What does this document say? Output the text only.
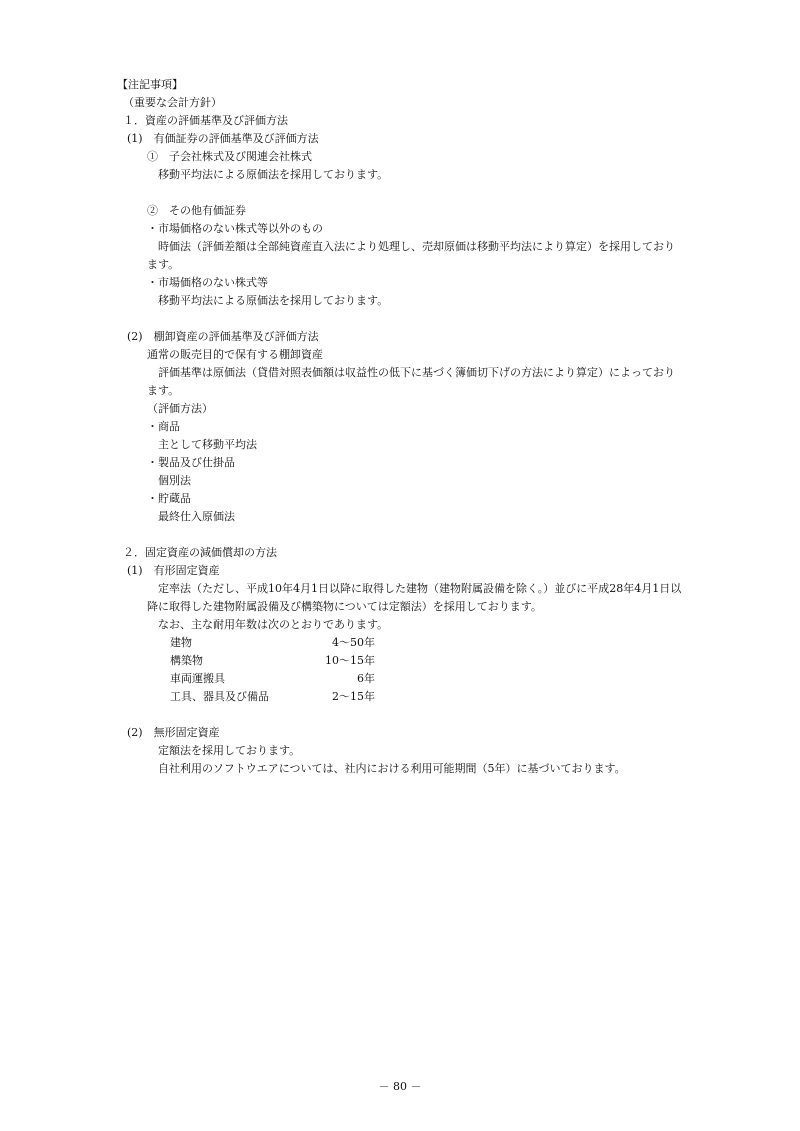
【注記事項】

（重要な会計方針）

１．資産の評価基準及び評価方法

(1)　有価証券の評価基準及び評価方法

①　子会社株式及び関連会社株式

移動平均法による原価法を採用しております。

②　その他有価証券

・市場価格のない株式等以外のもの

時価法（評価差額は全部純資産直入法により処理し、売却原価は移動平均法により算定）を採用しており

ます。

・市場価格のない株式等

移動平均法による原価法を採用しております。

(2)　棚卸資産の評価基準及び評価方法

通常の販売目的で保有する棚卸資産

評価基準は原価法（貸借対照表価額は収益性の低下に基づく簿価切下げの方法により算定）によっており

ます。

（評価方法）

・商品

主として移動平均法

・製品及び仕掛品

個別法

・貯蔵品

最終仕入原価法

２．固定資産の減価償却の方法

(1)　有形固定資産

定率法（ただし、平成10年4月1日以降に取得した建物（建物附属設備を除く。）並びに平成28年4月1日以

降に取得した建物附属設備及び構築物については定額法）を採用しております。

なお、主な耐用年数は次のとおりであります。

建物	4～50年
構築物	10～15年
車両運搬具	6年
工具、器具及び備品	2～15年

(2)　無形固定資産

定額法を採用しております。

自社利用のソフトウエアについては、社内における利用可能期間（5年）に基づいております。

－ 80 －
